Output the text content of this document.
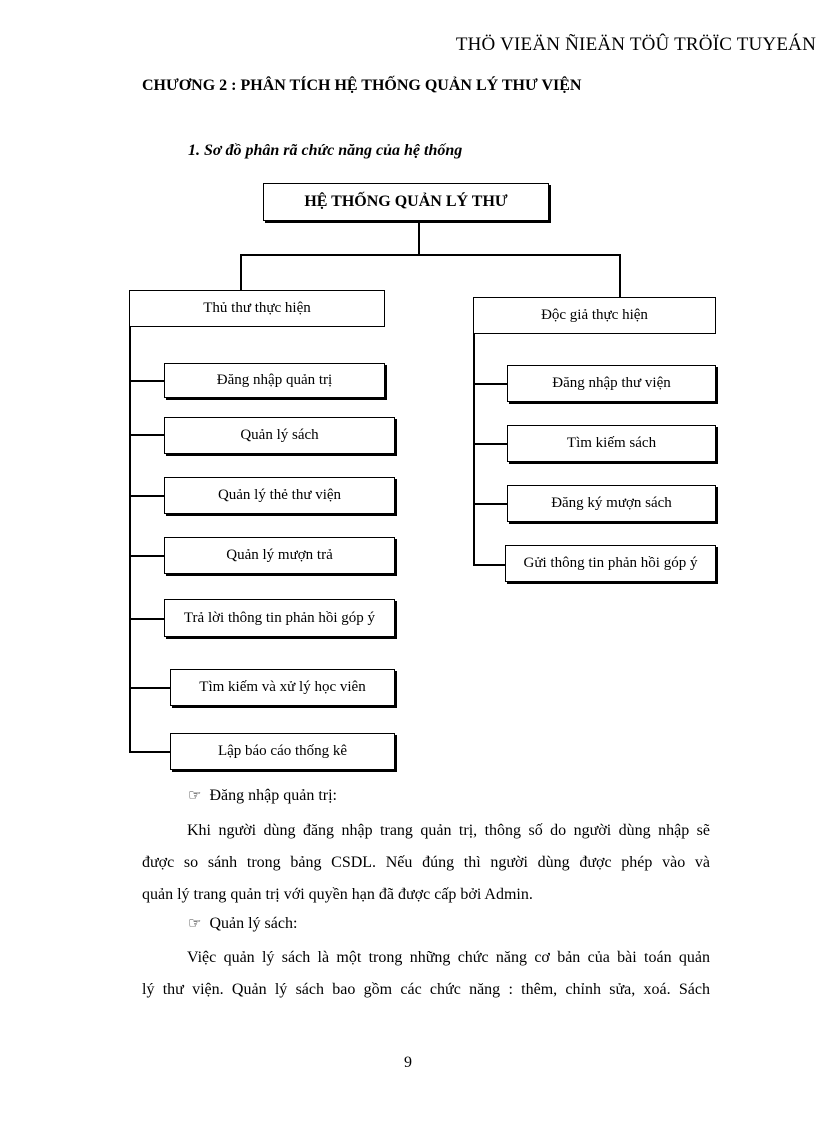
THÖ VIEÄN ÑIEÄN TÖÛ TRÖÏC TUYEÁN
CHƯƠNG 2 : PHÂN TÍCH HỆ THỐNG QUẢN LÝ THƯ VIỆN
1. Sơ đồ phân rã chức năng của hệ thống
HỆ THỐNG QUẢN LÝ THƯ
Thủ thư thực hiện
Đăng nhập quản trị
Quản lý sách
Quản lý thẻ thư viện
Quản lý mượn trả
Trả lời thông tin phản hồi góp ý
Tìm kiếm và xử lý học viên
Lập báo cáo thống kê
Độc giả thực hiện
Đăng nhập thư viện
Tìm kiếm sách
Đăng ký mượn sách
Gửi thông tin phản hồi góp ý
☞ Đăng nhập quản trị:
Khi người dùng đăng nhập trang quản trị, thông số do người dùng nhập sẽ
được so sánh trong bảng CSDL. Nếu đúng thì người dùng được phép vào và
quản lý trang quản trị với quyền hạn đã được cấp bởi Admin.
☞ Quản lý sách:
Việc quản lý sách là một trong những chức năng cơ bản của bài toán quản
lý thư viện. Quản lý sách bao gồm các chức năng : thêm, chỉnh sửa, xoá. Sách
9
